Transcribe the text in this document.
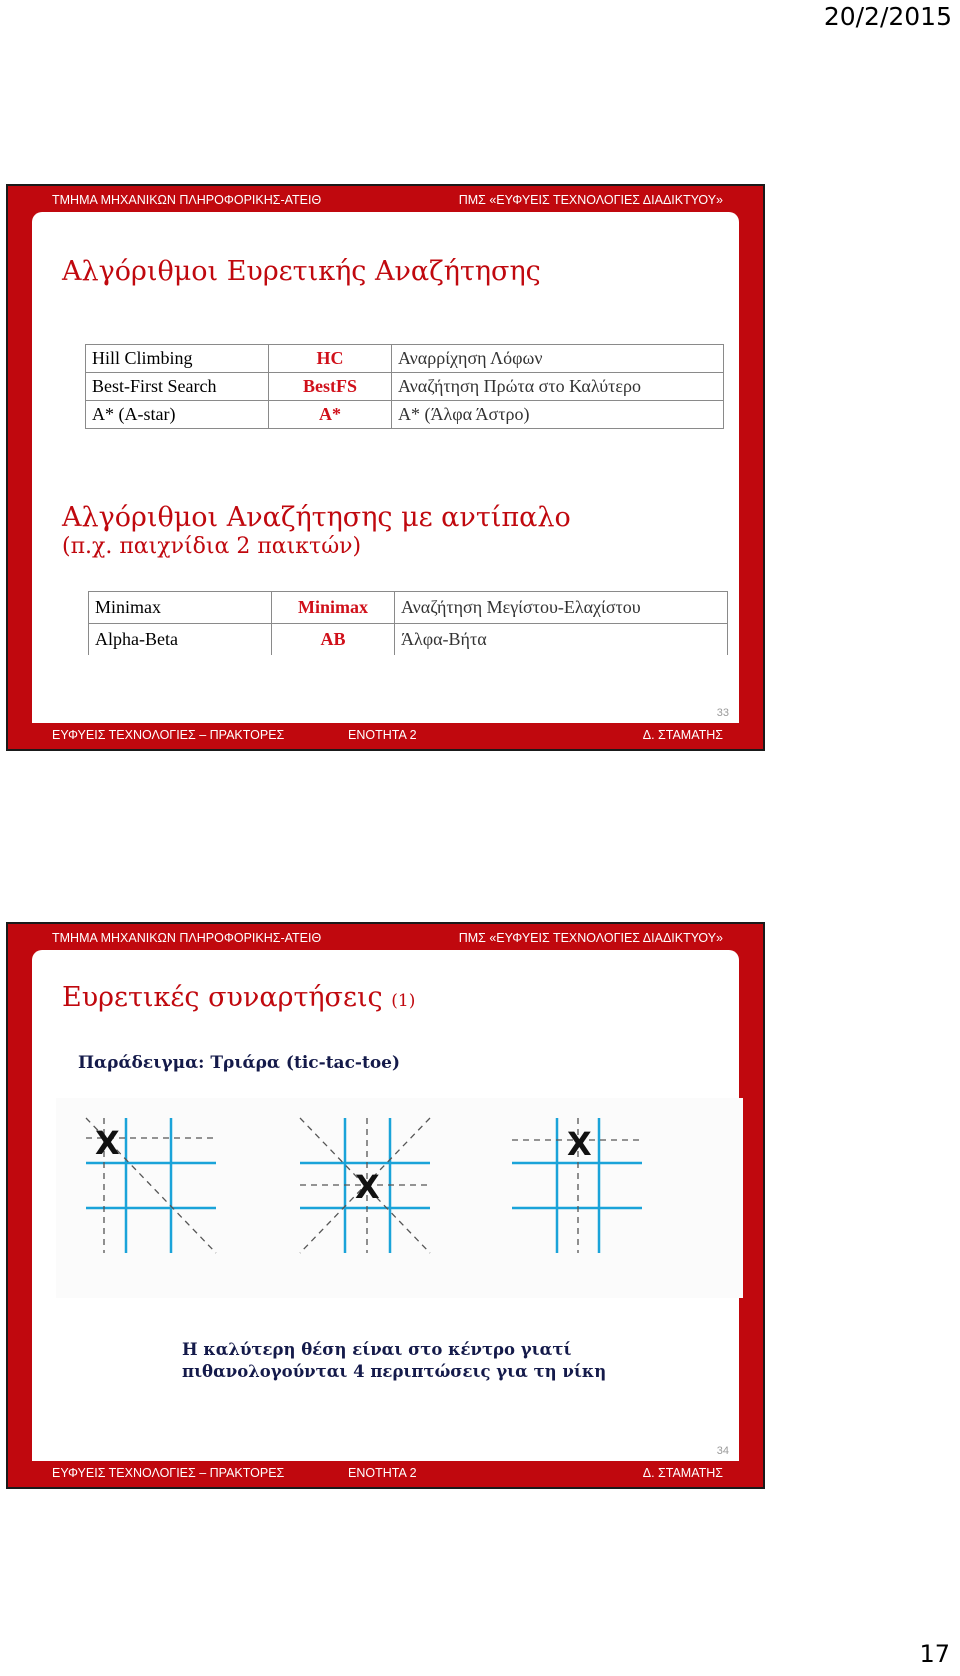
20/2/2015
ΤΜΗΜΑ ΜΗΧΑΝΙΚΩΝ ΠΛΗΡΟΦΟΡΙΚΗΣ-ΑΤΕΙΘ	ΠΜΣ «ΕΥΦΥΕΙΣ ΤΕΧΝΟΛΟΓΙΕΣ ΔΙΑΔΙΚΤΥΟΥ»
Αλγόριθμοι Ευρετικής Αναζήτησης
Hill Climbing	HC	Αναρρίχηση Λόφων
Best-First Search	BestFS	Αναζήτηση Πρώτα στο Καλύτερο
A* (A-star)	A*	A* (Άλφα Άστρο)
Αλγόριθμοι Αναζήτησης με αντίπαλο
(π.χ. παιχνίδια 2 παικτών)
Minimax	Minimax	Αναζήτηση Μεγίστου-Ελαχίστου
Alpha-Beta	AB	Άλφα-Βήτα
33
ΕΥΦΥΕΙΣ ΤΕΧΝΟΛΟΓΙΕΣ – ΠΡΑΚΤΟΡΕΣ	ΕΝΟΤΗΤΑ 2	Δ. ΣΤΑΜΑΤΗΣ
ΤΜΗΜΑ ΜΗΧΑΝΙΚΩΝ ΠΛΗΡΟΦΟΡΙΚΗΣ-ΑΤΕΙΘ	ΠΜΣ «ΕΥΦΥΕΙΣ ΤΕΧΝΟΛΟΓΙΕΣ ΔΙΑΔΙΚΤΥΟΥ»
Ευρετικές συναρτήσεις (1)
Παράδειγμα: Τριάρα (tic-tac-toe)
X
X
X
Η καλύτερη θέση είναι στο κέντρο γιατί
πιθανολογούνται 4 περιπτώσεις για τη νίκη
34
ΕΥΦΥΕΙΣ ΤΕΧΝΟΛΟΓΙΕΣ – ΠΡΑΚΤΟΡΕΣ	ΕΝΟΤΗΤΑ 2	Δ. ΣΤΑΜΑΤΗΣ
17
